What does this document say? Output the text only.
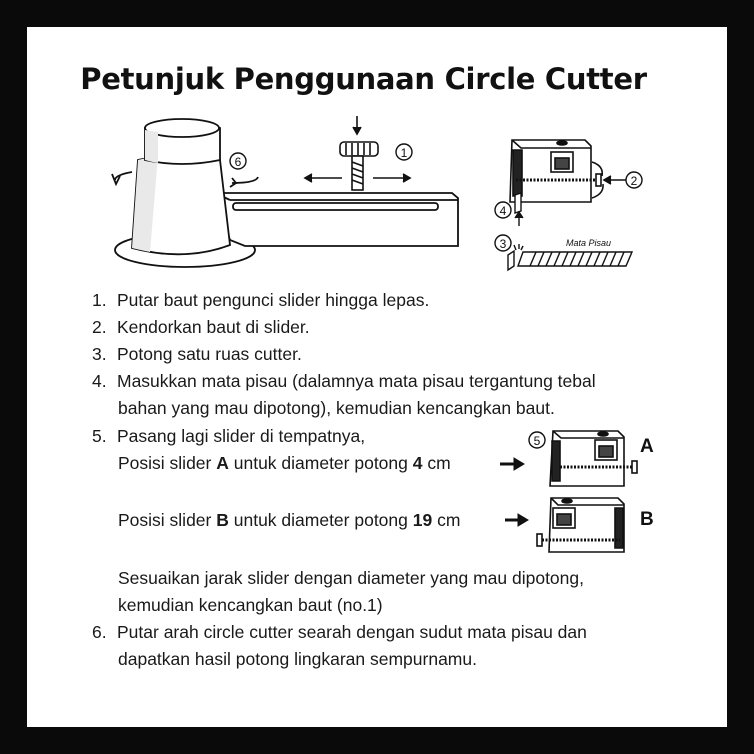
Petunjuk Penggunaan Circle Cutter
1
6
2
4
Mata Pisau
3
5	A

B

1. Putar baut pengunci slider hingga lepas.

2. Kendorkan baut di slider.

3. Potong satu ruas cutter.

4. Masukkan mata pisau (dalamnya mata pisau tergantung tebal

bahan yang mau dipotong), kemudian kencangkan baut.

5. Pasang lagi slider di tempatnya,

Posisi slider A untuk diameter potong 4 cm

Posisi slider B untuk diameter potong 19 cm

Sesuaikan jarak slider dengan diameter yang mau dipotong,

kemudian kencangkan baut (no.1)

6. Putar arah circle cutter searah dengan sudut mata pisau dan

dapatkan hasil potong lingkaran sempurnamu.
